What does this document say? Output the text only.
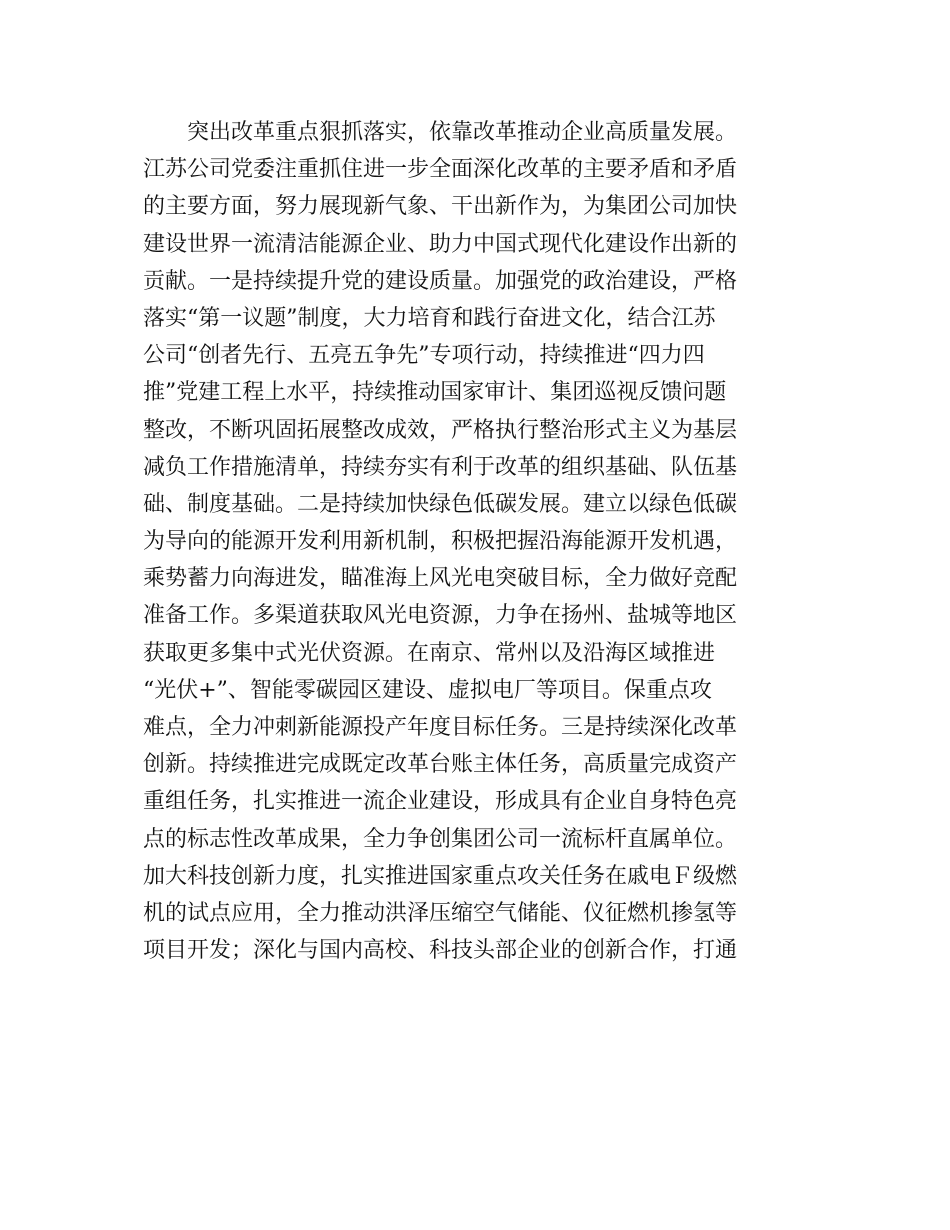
突出改革重点狠抓落实，依靠改革推动企业高质量发展。
江苏公司党委注重抓住进一步全面深化改革的主要矛盾和矛盾
的主要方面，努力展现新气象、干出新作为，为集团公司加快
建设世界一流清洁能源企业、助力中国式现代化建设作出新的
贡献。一是持续提升党的建设质量。加强党的政治建设，严格
落实“第一议题”制度，大力培育和践行奋进文化，结合江苏
公司“创者先行、五亮五争先”专项行动，持续推进“四力四
推”党建工程上水平，持续推动国家审计、集团巡视反馈问题
整改，不断巩固拓展整改成效，严格执行整治形式主义为基层
减负工作措施清单，持续夯实有利于改革的组织基础、队伍基
础、制度基础。二是持续加快绿色低碳发展。建立以绿色低碳
为导向的能源开发利用新机制，积极把握沿海能源开发机遇，
乘势蓄力向海进发，瞄准海上风光电突破目标，全力做好竞配
准备工作。多渠道获取风光电资源，力争在扬州、盐城等地区
获取更多集中式光伏资源。在南京、常州以及沿海区域推进
“光伏+”、智能零碳园区建设、虚拟电厂等项目。保重点攻
难点，全力冲刺新能源投产年度目标任务。三是持续深化改革
创新。持续推进完成既定改革台账主体任务，高质量完成资产
重组任务，扎实推进一流企业建设，形成具有企业自身特色亮
点的标志性改革成果，全力争创集团公司一流标杆直属单位。
加大科技创新力度，扎实推进国家重点攻关任务在戚电Ｆ级燃
机的试点应用，全力推动洪泽压缩空气储能、仪征燃机掺氢等
项目开发；深化与国内高校、科技头部企业的创新合作，打通
